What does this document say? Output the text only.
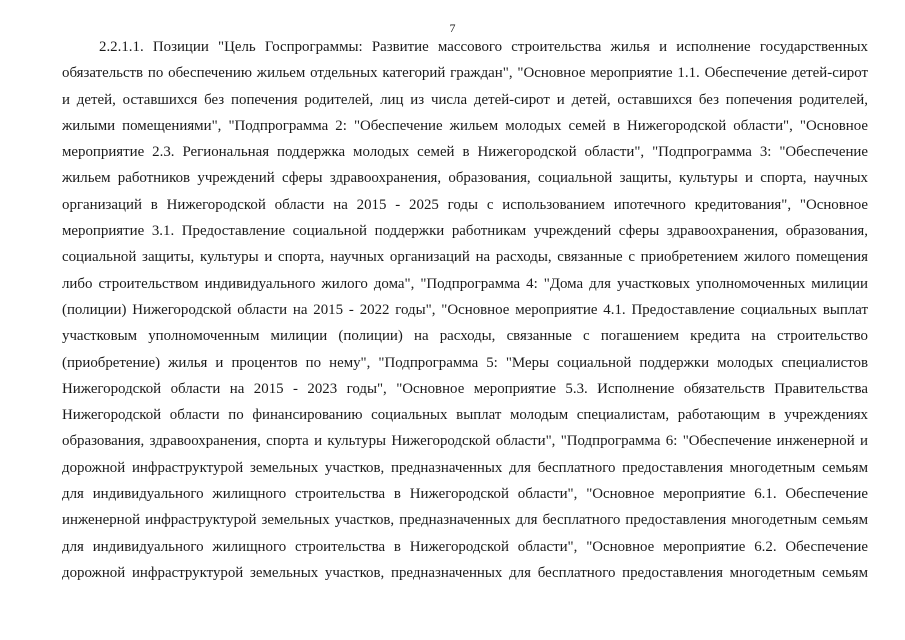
7
2.2.1.1. Позиции "Цель Госпрограммы: Развитие массового строительства жилья и исполнение государственных
обязательств по обеспечению жильем отдельных категорий граждан", "Основное мероприятие 1.1. Обеспечение детей-сирот
и детей, оставшихся без попечения родителей, лиц из числа детей-сирот и детей, оставшихся без попечения родителей,
жилыми помещениями", "Подпрограмма 2: "Обеспечение жильем молодых семей в Нижегородской области", "Основное
мероприятие 2.3. Региональная поддержка молодых семей в Нижегородской области", "Подпрограмма 3: "Обеспечение
жильем работников учреждений сферы здравоохранения, образования, социальной защиты, культуры и спорта, научных
организаций в Нижегородской области на 2015 - 2025 годы с использованием ипотечного кредитования", "Основное
мероприятие 3.1. Предоставление социальной поддержки работникам учреждений сферы здравоохранения, образования,
социальной защиты, культуры и спорта, научных организаций на расходы, связанные с приобретением жилого помещения
либо строительством индивидуального жилого дома", "Подпрограмма 4: "Дома для участковых уполномоченных милиции
(полиции) Нижегородской области на 2015 - 2022 годы", "Основное мероприятие 4.1. Предоставление социальных выплат
участковым уполномоченным милиции (полиции) на расходы, связанные с погашением кредита на строительство
(приобретение) жилья и процентов по нему", "Подпрограмма 5: "Меры социальной поддержки молодых специалистов
Нижегородской области на 2015 - 2023 годы", "Основное мероприятие 5.3. Исполнение обязательств Правительства
Нижегородской области по финансированию социальных выплат молодым специалистам, работающим в учреждениях
образования, здравоохранения, спорта и культуры Нижегородской области", "Подпрограмма 6: "Обеспечение инженерной и
дорожной инфраструктурой земельных участков, предназначенных для бесплатного предоставления многодетным семьям
для индивидуального жилищного строительства в Нижегородской области", "Основное мероприятие 6.1. Обеспечение
инженерной инфраструктурой земельных участков, предназначенных для бесплатного предоставления многодетным семьям
для индивидуального жилищного строительства в Нижегородской области", "Основное мероприятие 6.2. Обеспечение
дорожной инфраструктурой земельных участков, предназначенных для бесплатного предоставления многодетным семьям
